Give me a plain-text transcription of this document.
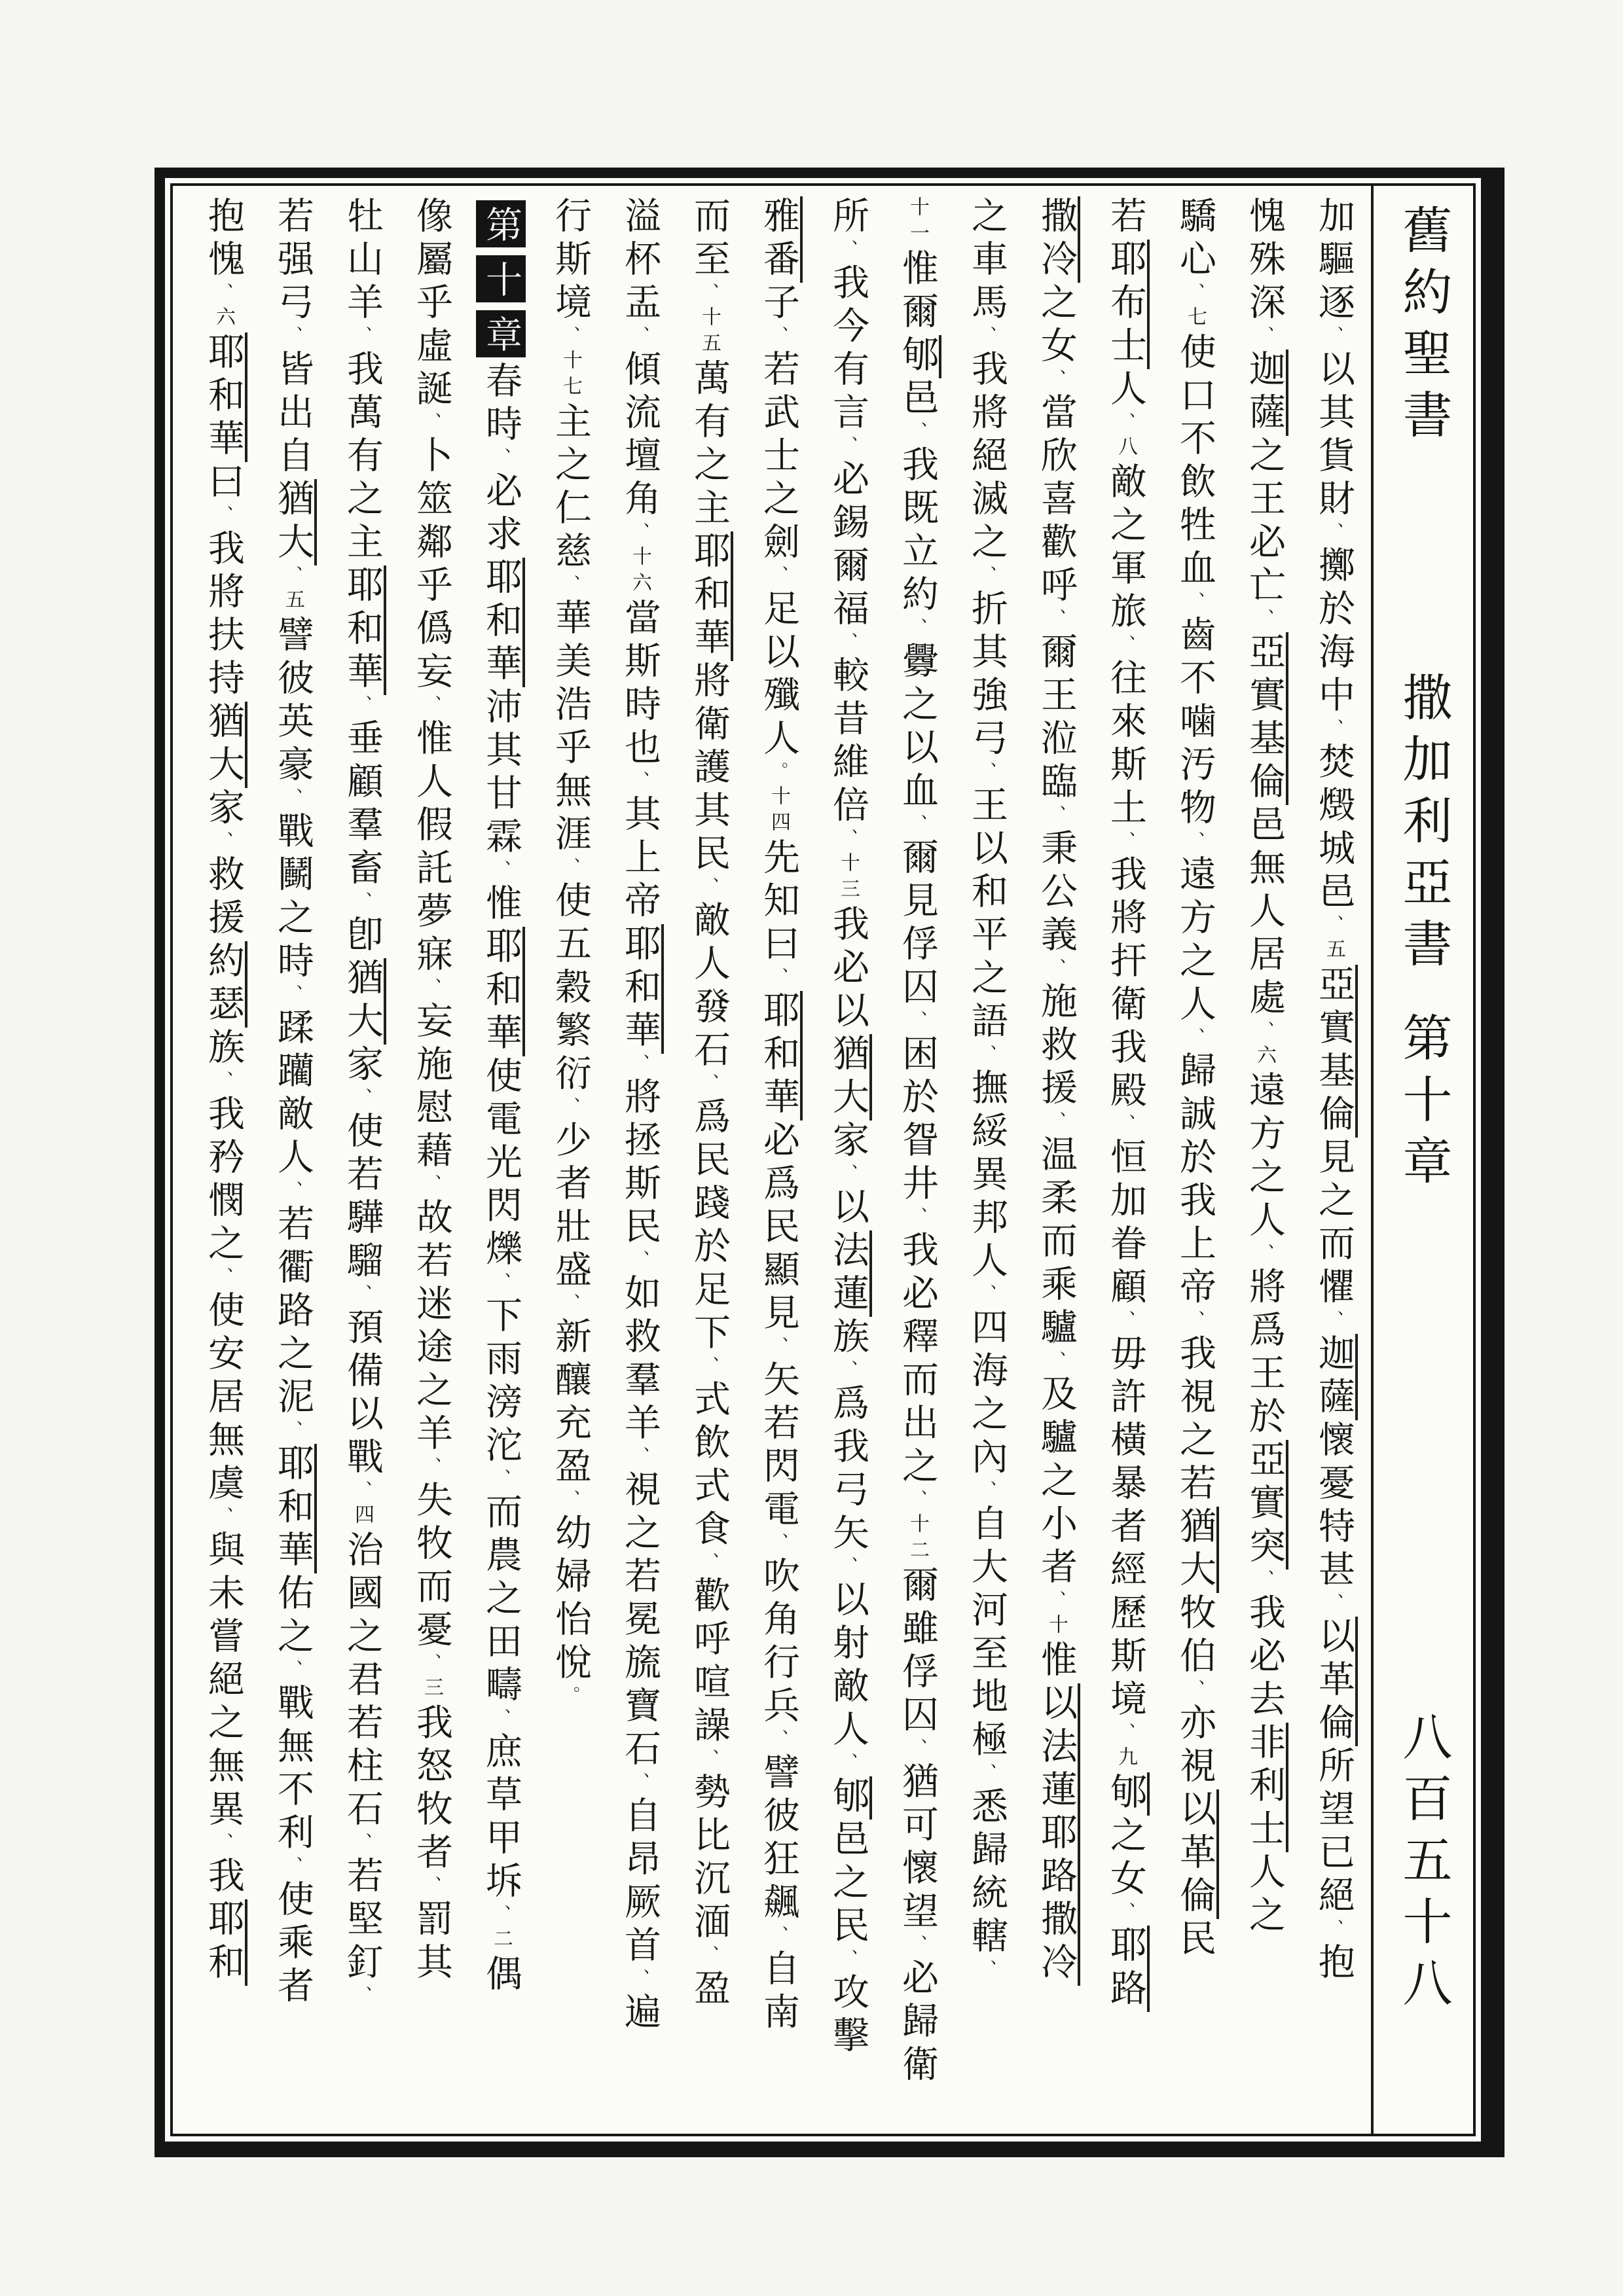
舊約聖書
撒加利亞書
第十章
八百五十八
加驅逐、以其貨財、擲於海中、焚燬城邑、五亞實基倫見之而懼、迦薩懷憂特甚、以革倫所望已絕、抱
愧殊深、迦薩之王必亡、亞實基倫邑無人居處、六遠方之人、將爲王於亞實突、我必去非利士人之
驕心、七使口不飲牲血、齒不噛汚物、遠方之人、歸誠於我上帝、我視之若猶大牧伯、亦視以革倫民
若耶布士人、八敵之軍旅、往來斯土、我將扞衛我殿、恒加眷顧、毋許橫暴者經歷斯境、九郇之女、耶路
撒冷之女、當欣喜歡呼、爾王涖臨、秉公義、施救援、温柔而乘驢、及驢之小者、十惟以法蓮耶路撒冷
之車馬、我將絕滅之、折其強弓、王以和平之語、撫綏異邦人、四海之內、自大河至地極、悉歸統轄、
十一惟爾郇邑、我既立約、釁之以血、爾見俘囚、困於眢井、我必釋而出之、十二爾雖俘囚、猶可懷望、必歸衛
所、我今有言、必錫爾福、較昔維倍、十三我必以猶大家、以法蓮族、爲我弓矢、以射敵人、郇邑之民、攻擊
雅番子、若武士之劍、足以殲人。十四先知曰、耶和華必爲民顯見、矢若閃電、吹角行兵、譬彼狂飆、自南
而至、十五萬有之主耶和華將衛護其民、敵人發石、爲民踐於足下、式飲式食、歡呼喧譟、勢比沉湎、盈
溢杯盂、傾流壇角、十六當斯時也、其上帝耶和華、將拯斯民、如救羣羊、視之若冕旒寶石、自昂厥首、遍
行斯境、十七主之仁慈、華美浩乎無涯、使五穀繁衍、少者壯盛、新釀充盈、幼婦怡悅。
第十章春時、必求耶和華沛其甘霖、惟耶和華使電光閃爍、下雨滂沱、而農之田疇、庶草甲坼、二偶
像屬乎虛誕、卜筮鄰乎僞妄、惟人假託夢寐、妄施慰藉、故若迷途之羊、失牧而憂、三我怒牧者、罰其
牡山羊、我萬有之主耶和華、垂顧羣畜、卽猶大家、使若驊騮、預備以戰、四治國之君若柱石、若堅釘、
若强弓、皆出自猶大、五譬彼英豪、戰鬭之時、蹂躪敵人、若衢路之泥、耶和華佑之、戰無不利、使乘者
抱愧、六耶和華曰、我將扶持猶大家、救援約瑟族、我矜憫之、使安居無虞、與未嘗絕之無異、我耶和
